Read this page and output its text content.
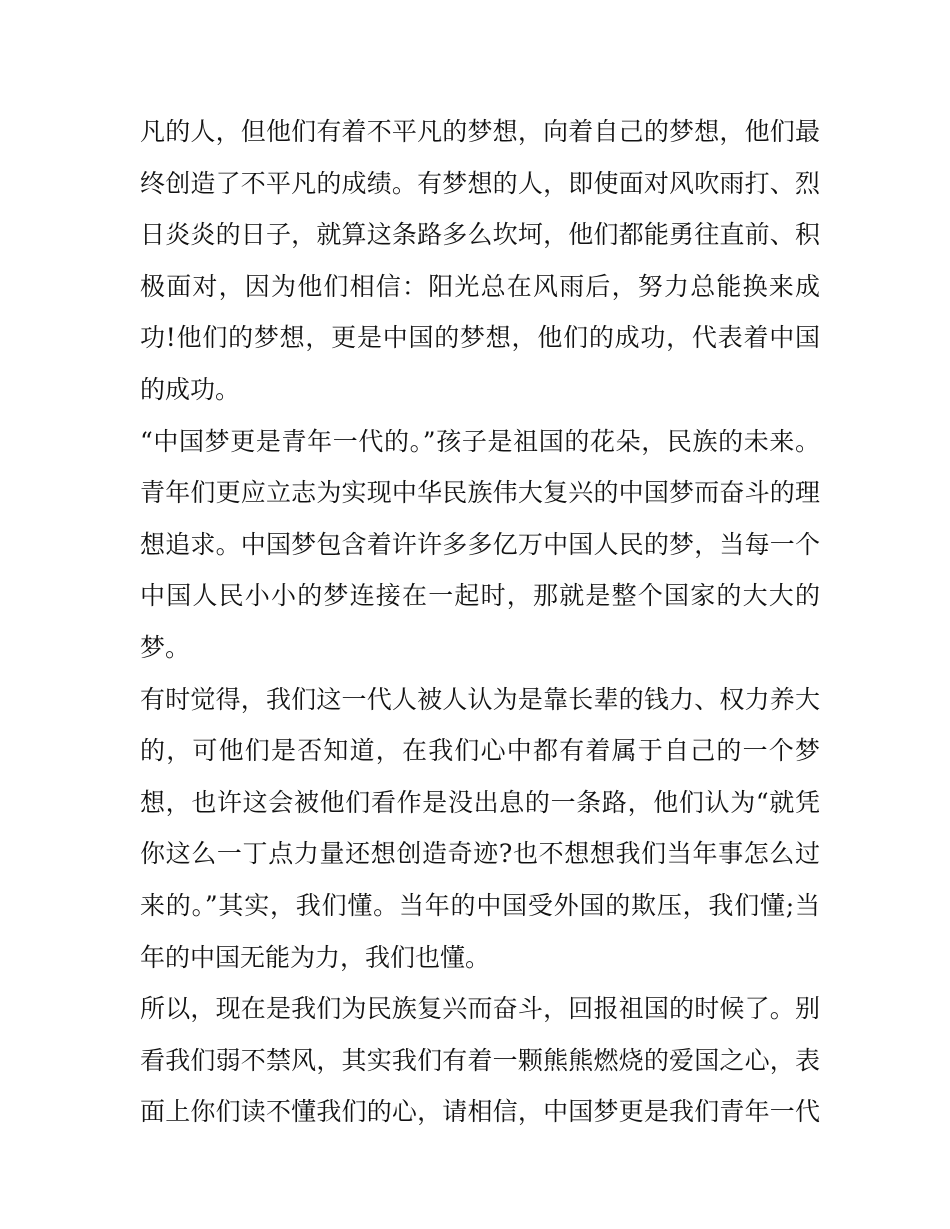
凡的人，但他们有着不平凡的梦想，向着自己的梦想，他们最
终创造了不平凡的成绩。有梦想的人，即使面对风吹雨打、烈
日炎炎的日子，就算这条路多么坎坷，他们都能勇往直前、积
极面对，因为他们相信：阳光总在风雨后，努力总能换来成
功!他们的梦想，更是中国的梦想，他们的成功，代表着中国
的成功。
“中国梦更是青年一代的。”孩子是祖国的花朵，民族的未来。
青年们更应立志为实现中华民族伟大复兴的中国梦而奋斗的理
想追求。中国梦包含着许许多多亿万中国人民的梦，当每一个
中国人民小小的梦连接在一起时，那就是整个国家的大大的
梦。
有时觉得，我们这一代人被人认为是靠长辈的钱力、权力养大
的，可他们是否知道，在我们心中都有着属于自己的一个梦
想，也许这会被他们看作是没出息的一条路，他们认为“就凭
你这么一丁点力量还想创造奇迹?也不想想我们当年事怎么过
来的。”其实，我们懂。当年的中国受外国的欺压，我们懂;当
年的中国无能为力，我们也懂。
所以，现在是我们为民族复兴而奋斗，回报祖国的时候了。别
看我们弱不禁风，其实我们有着一颗熊熊燃烧的爱国之心，表
面上你们读不懂我们的心，请相信，中国梦更是我们青年一代
